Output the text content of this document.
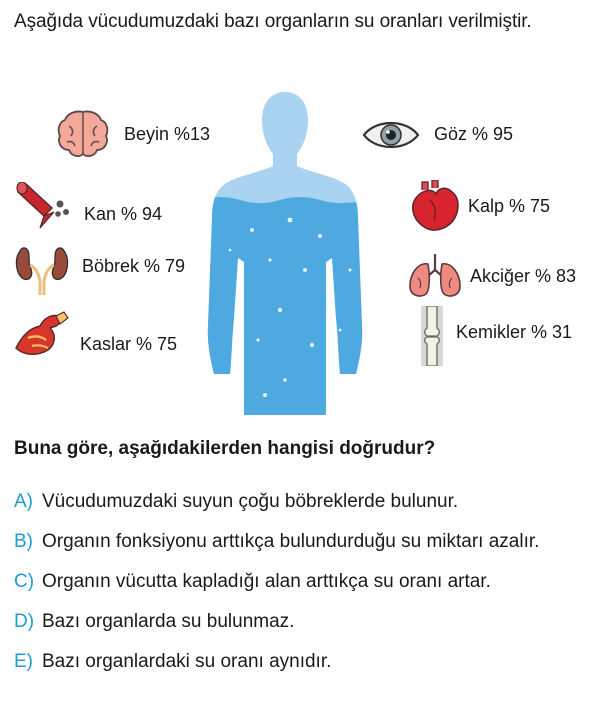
Aşağıda vücudumuzdaki bazı organların su oranları verilmiştir.
Beyin %13
Kan % 94
Böbrek % 79
Kaslar % 75
Göz % 95
Kalp % 75
Akciğer % 83
Kemikler % 31
Buna göre, aşağıdakilerden hangisi doğrudur?
A) Vücudumuzdaki suyun çoğu böbreklerde bulunur.
B) Organın fonksiyonu arttıkça bulundurduğu su miktarı azalır.
C) Organın vücutta kapladığı alan arttıkça su oranı artar.
D) Bazı organlarda su bulunmaz.
E) Bazı organlardaki su oranı aynıdır.
